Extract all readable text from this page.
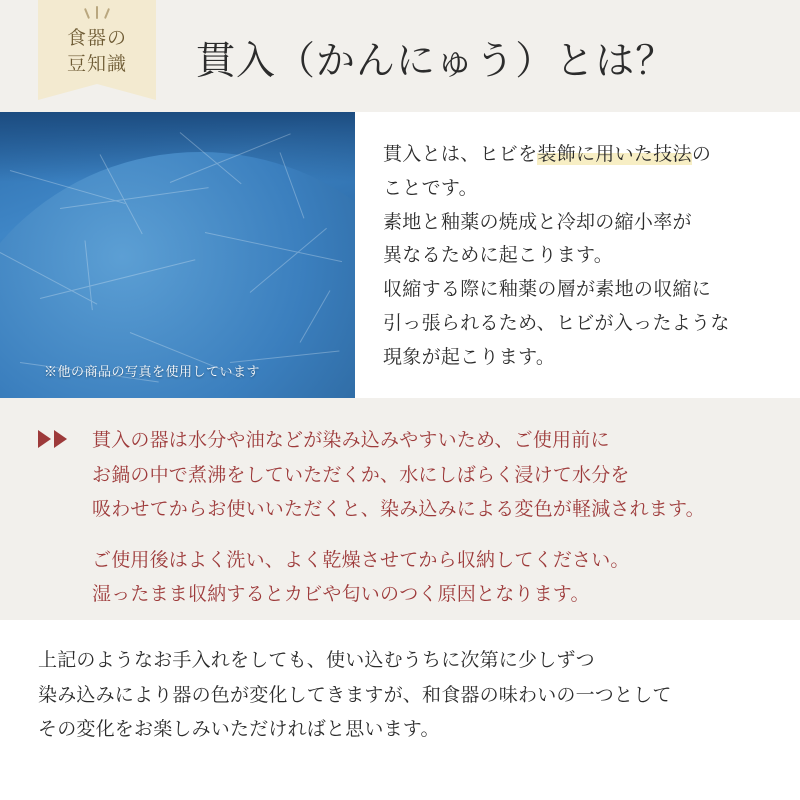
食器の
豆知識	貫入（かんにゅう）とは？
※他の商品の写真を使用しています

貫入とは、ヒビを装飾に用いた技法の
ことです。
素地と釉薬の焼成と冷却の縮小率が
異なるために起こります。
収縮する際に釉薬の層が素地の収縮に
引っ張られるため、ヒビが入ったような
現象が起こります。

貫入の器は水分や油などが染み込みやすいため、ご使用前に
お鍋の中で煮沸をしていただくか、水にしばらく浸けて水分を
吸わせてからお使いいただくと、染み込みによる変色が軽減されます。
ご使用後はよく洗い、よく乾燥させてから収納してください。
湿ったまま収納するとカビや匂いのつく原因となります。

上記のようなお手入れをしても、使い込むうちに次第に少しずつ
染み込みにより器の色が変化してきますが、和食器の味わいの一つとして
その変化をお楽しみいただければと思います。
